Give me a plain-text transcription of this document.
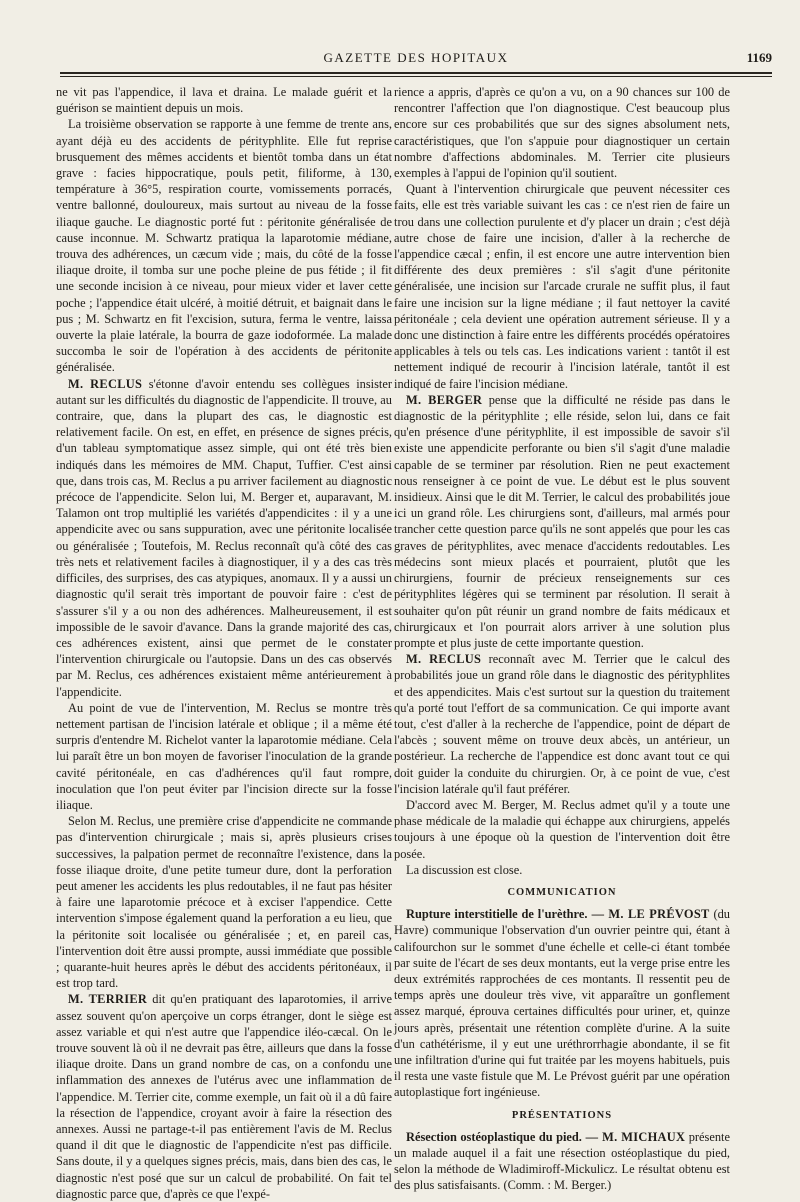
GAZETTE DES HOPITAUX	1169

ne vit pas l'appendice, il lava et draina. Le malade guérit et la guérison se maintient depuis un mois.

La troisième observation se rapporte à une femme de trente ans, ayant déjà eu des accidents de pérityphlite. Elle fut reprise brusquement des mêmes accidents et bientôt tomba dans un état grave : facies hippocratique, pouls petit, filiforme, à 130, température à 36°5, respiration courte, vomissements porracés, ventre ballonné, douloureux, mais surtout au niveau de la fosse iliaque gauche. Le diagnostic porté fut : péritonite généralisée de cause inconnue. M. Schwartz pratiqua la laparotomie médiane, trouva des adhérences, un cæcum vide ; mais, du côté de la fosse iliaque droite, il tomba sur une poche pleine de pus fétide ; il fit une seconde incision à ce niveau, pour mieux vider et laver cette poche ; l'appendice était ulcéré, à moitié détruit, et baignait dans le pus ; M. Schwartz en fit l'excision, sutura, ferma le ventre, laissa ouverte la plaie latérale, la bourra de gaze iodoformée. La malade succomba le soir de l'opération à des accidents de péritonite généralisée.

M. RECLUS s'étonne d'avoir entendu ses collègues insister autant sur les difficultés du diagnostic de l'appendicite. Il trouve, au contraire, que, dans la plupart des cas, le diagnostic est relativement facile. On est, en effet, en présence de signes précis, d'un tableau symptomatique assez simple, qui ont été très bien indiqués dans les mémoires de MM. Chaput, Tuffier. C'est ainsi que, dans trois cas, M. Reclus a pu arriver facilement au diagnostic précoce de l'appendicite. Selon lui, M. Berger et, auparavant, M. Talamon ont trop multiplié les variétés d'appendicites : il y a une appendicite avec ou sans suppuration, avec une péritonite localisée ou généralisée ; Toutefois, M. Reclus reconnaît qu'à côté des cas très nets et relativement faciles à diagnostiquer, il y a des cas très difficiles, des surprises, des cas atypiques, anomaux. Il y a aussi un diagnostic qu'il serait très important de pouvoir faire : c'est de s'assurer s'il y a ou non des adhérences. Malheureusement, il est impossible de le savoir d'avance. Dans la grande majorité des cas, ces adhérences existent, ainsi que permet de le constater l'intervention chirurgicale ou l'autopsie. Dans un des cas observés par M. Reclus, ces adhérences existaient même antérieurement à l'appendicite.

Au point de vue de l'intervention, M. Reclus se montre très nettement partisan de l'incision latérale et oblique ; il a même été surpris d'entendre M. Richelot vanter la laparotomie médiane. Cela lui paraît être un bon moyen de favoriser l'inoculation de la grande cavité péritonéale, en cas d'adhérences qu'il faut rompre, inoculation que l'on peut éviter par l'incision directe sur la fosse iliaque.

Selon M. Reclus, une première crise d'appendicite ne commande pas d'intervention chirurgicale ; mais si, après plusieurs crises successives, la palpation permet de reconnaître l'existence, dans la fosse iliaque droite, d'une petite tumeur dure, dont la perforation peut amener les accidents les plus redoutables, il ne faut pas hésiter à faire une laparotomie précoce et à exciser l'appendice. Cette intervention s'impose également quand la perforation a eu lieu, que la péritonite soit localisée ou généralisée ; et, en pareil cas, l'intervention doit être aussi prompte, aussi immédiate que possible ; quarante-huit heures après le début des accidents péritonéaux, il est trop tard.

M. TERRIER dit qu'en pratiquant des laparotomies, il arrive assez souvent qu'on aperçoive un corps étranger, dont le siège est assez variable et qui n'est autre que l'appendice iléo-cæcal. On le trouve souvent là où il ne devrait pas être, ailleurs que dans la fosse iliaque droite. Dans un grand nombre de cas, on a confondu une inflammation des annexes de l'utérus avec une inflammation de l'appendice. M. Terrier cite, comme exemple, un fait où il a dû faire la résection de l'appendice, croyant avoir à faire la résection des annexes. Aussi ne partage-t-il pas entièrement l'avis de M. Reclus quand il dit que le diagnostic de l'appendicite n'est pas difficile. Sans doute, il y a quelques signes précis, mais, dans bien des cas, le diagnostic n'est posé que sur un calcul de probabilité. On fait tel diagnostic parce que, d'après ce que l'expé-

rience a appris, d'après ce qu'on a vu, on a 90 chances sur 100 de rencontrer l'affection que l'on diagnostique. C'est beaucoup plus encore sur ces probabilités que sur des signes absolument nets, caractéristiques, que l'on s'appuie pour diagnostiquer un certain nombre d'affections abdominales. M. Terrier cite plusieurs exemples à l'appui de l'opinion qu'il soutient.

Quant à l'intervention chirurgicale que peuvent nécessiter ces faits, elle est très variable suivant les cas : ce n'est rien de faire un trou dans une collection purulente et d'y placer un drain ; c'est déjà autre chose de faire une incision, d'aller à la recherche de l'appendice cæcal ; enfin, il est encore une autre intervention bien différente des deux premières : s'il s'agit d'une péritonite généralisée, une incision sur l'arcade crurale ne suffit plus, il faut faire une incision sur la ligne médiane ; il faut nettoyer la cavité péritonéale ; cela devient une opération autrement sérieuse. Il y a donc une distinction à faire entre les différents procédés opératoires applicables à tels ou tels cas. Les indications varient : tantôt il est nettement indiqué de recourir à l'incision latérale, tantôt il est indiqué de faire l'incision médiane.

M. BERGER pense que la difficulté ne réside pas dans le diagnostic de la pérityphlite ; elle réside, selon lui, dans ce fait qu'en présence d'une pérityphlite, il est impossible de savoir s'il existe une appendicite perforante ou bien s'il s'agit d'une maladie capable de se terminer par résolution. Rien ne peut exactement nous renseigner à ce point de vue. Le début est le plus souvent insidieux. Ainsi que le dit M. Terrier, le calcul des probabilités joue ici un grand rôle. Les chirurgiens sont, d'ailleurs, mal armés pour trancher cette question parce qu'ils ne sont appelés que pour les cas graves de pérityphlites, avec menace d'accidents redoutables. Les médecins sont mieux placés et pourraient, plutôt que les chirurgiens, fournir de précieux renseignements sur ces pérityphlites légères qui se terminent par résolution. Il serait à souhaiter qu'on pût réunir un grand nombre de faits médicaux et chirurgicaux et l'on pourrait alors arriver à une solution plus prompte et plus juste de cette importante question.

M. RECLUS reconnaît avec M. Terrier que le calcul des probabilités joue un grand rôle dans le diagnostic des pérityphlites et des appendicites. Mais c'est surtout sur la question du traitement qu'a porté tout l'effort de sa communication. Ce qui importe avant tout, c'est d'aller à la recherche de l'appendice, point de départ de l'abcès ; souvent même on trouve deux abcès, un antérieur, un postérieur. La recherche de l'appendice est donc avant tout ce qui doit guider la conduite du chirurgien. Or, à ce point de vue, c'est l'incision latérale qu'il faut préférer.

D'accord avec M. Berger, M. Reclus admet qu'il y a toute une phase médicale de la maladie qui échappe aux chirurgiens, appelés toujours à une époque où la question de l'intervention doit être posée.

La discussion est close.

COMMUNICATION

Rupture interstitielle de l'urèthre. — M. LE PRÉVOST (du Havre) communique l'observation d'un ouvrier peintre qui, étant à califourchon sur le sommet d'une échelle et celle-ci étant tombée par suite de l'écart de ses deux montants, eut la verge prise entre les deux extrémités rapprochées de ces montants. Il ressentit peu de temps après une douleur très vive, vit apparaître un gonflement assez marqué, éprouva certaines difficultés pour uriner, et, quinze jours après, présentait une rétention complète d'urine. A la suite d'un cathétérisme, il y eut une uréthrorrhagie abondante, il se fit une infiltration d'urine qui fut traitée par les moyens habituels, puis il resta une vaste fistule que M. Le Prévost guérit par une opération autoplastique fort ingénieuse.

PRÉSENTATIONS

Résection ostéoplastique du pied. — M. MICHAUX présente un malade auquel il a fait une résection ostéoplastique du pied, selon la méthode de Wladimiroff-Mickulicz. Le résultat obtenu est des plus satisfaisants. (Comm. : M. Berger.)
